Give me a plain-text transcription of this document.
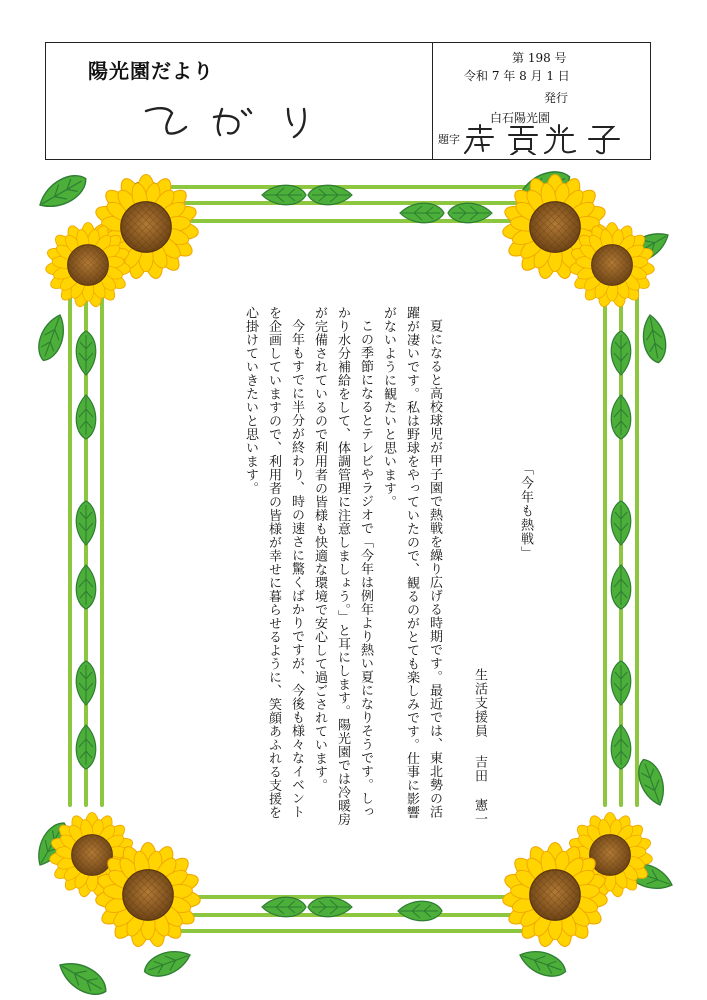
陽光園だより
第 198 号
令和 7 年 8 月 1 日
発行
白石陽光園
題字
「今年も熱戦」
生活支援員 吉田 憲一

夏になると高校球児が甲子園で熱戦を繰り広げる時期です。最近では、東北勢の活躍が凄いです。私は野球をやっていたので、観るのがとても楽しみです。仕事に影響がないように観たいと思います。

この季節になるとテレビやラジオで「今年は例年より熱い夏になりそうです。しっかり水分補給をして、体調管理に注意しましょう。」と耳にします。陽光園では冷暖房が完備されているので利用者の皆様も快適な環境で安心して過ごされています。

今年もすでに半分が終わり、時の速さに驚くばかりですが、今後も様々なイベントを企画していますので、利用者の皆様が幸せに暮らせるように、笑顔あふれる支援を心掛けていきたいと思います。
